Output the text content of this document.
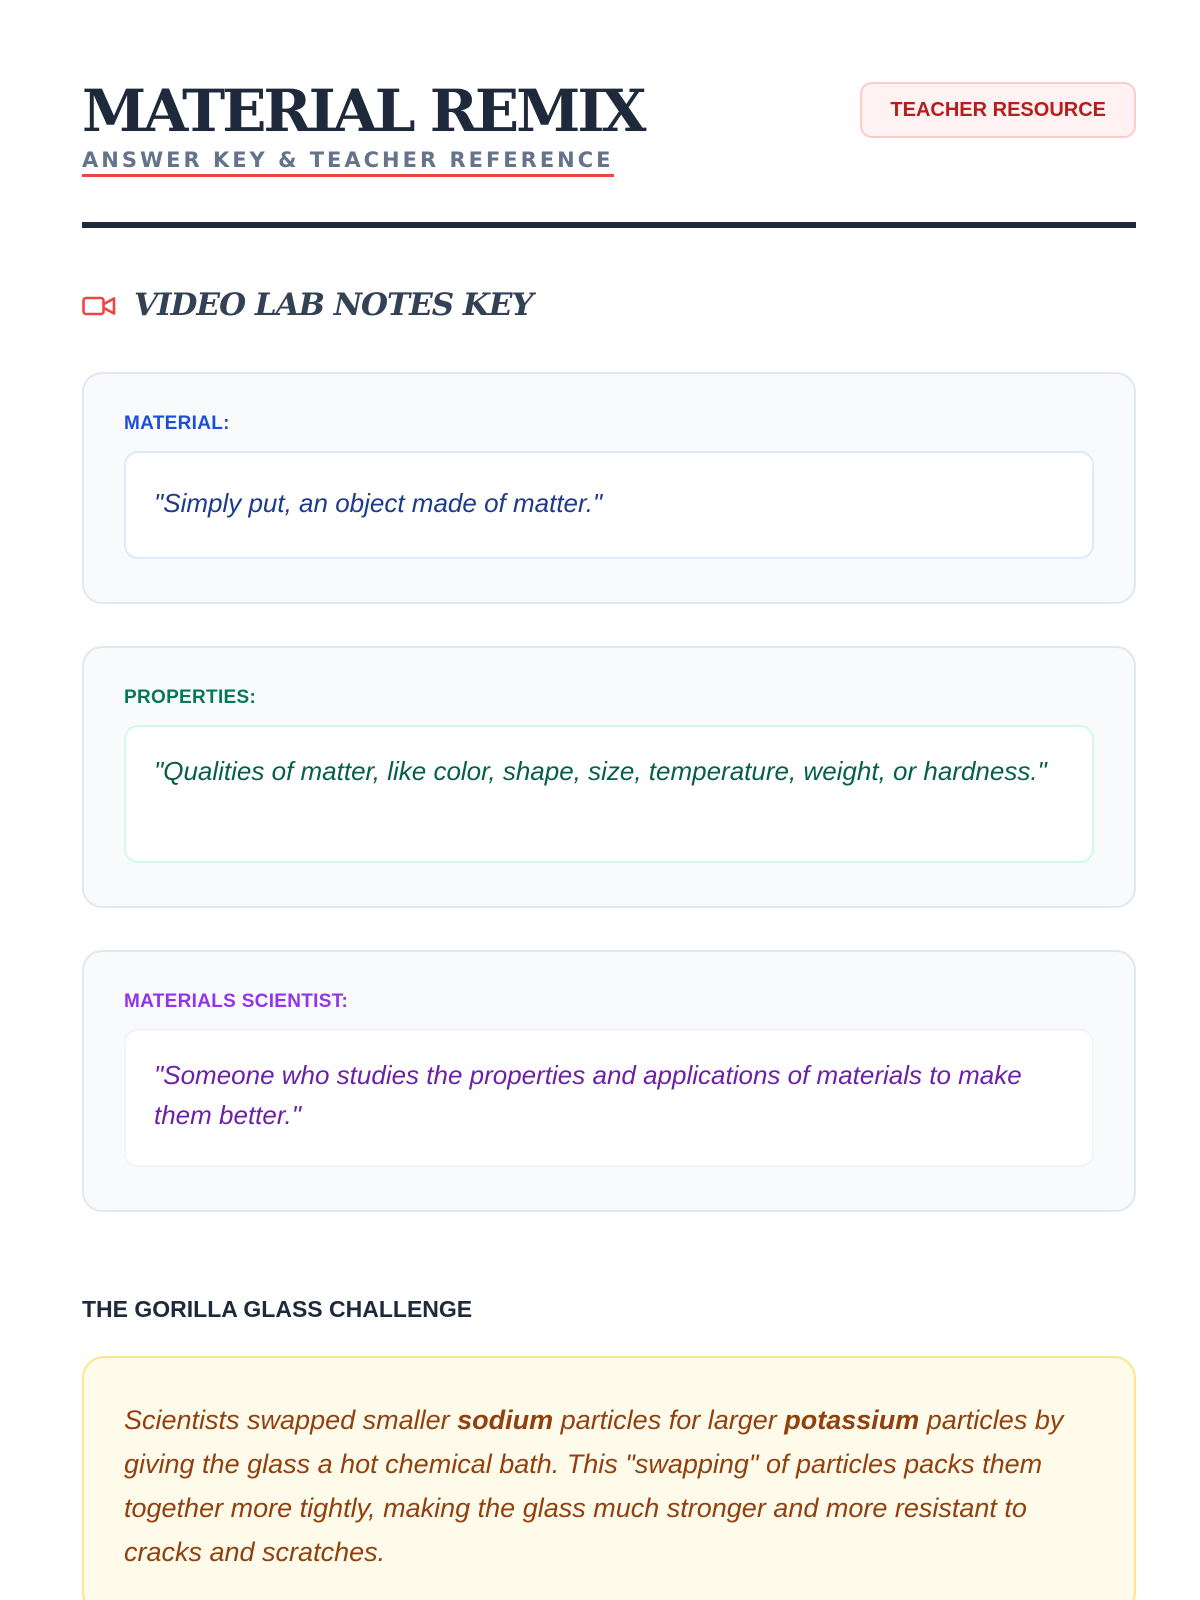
MATERIAL REMIX
ANSWER KEY & TEACHER REFERENCE
TEACHER RESOURCE
VIDEO LAB NOTES KEY
MATERIAL:
"Simply put, an object made of matter."
PROPERTIES:
"Qualities of matter, like color, shape, size, temperature, weight, or hardness."
MATERIALS SCIENTIST:
"Someone who studies the properties and applications of materials to make them better."
THE GORILLA GLASS CHALLENGE
Scientists swapped smaller sodium particles for larger potassium particles by giving the glass a hot chemical bath. This "swapping" of particles packs them together more tightly, making the glass much stronger and more resistant to cracks and scratches.
